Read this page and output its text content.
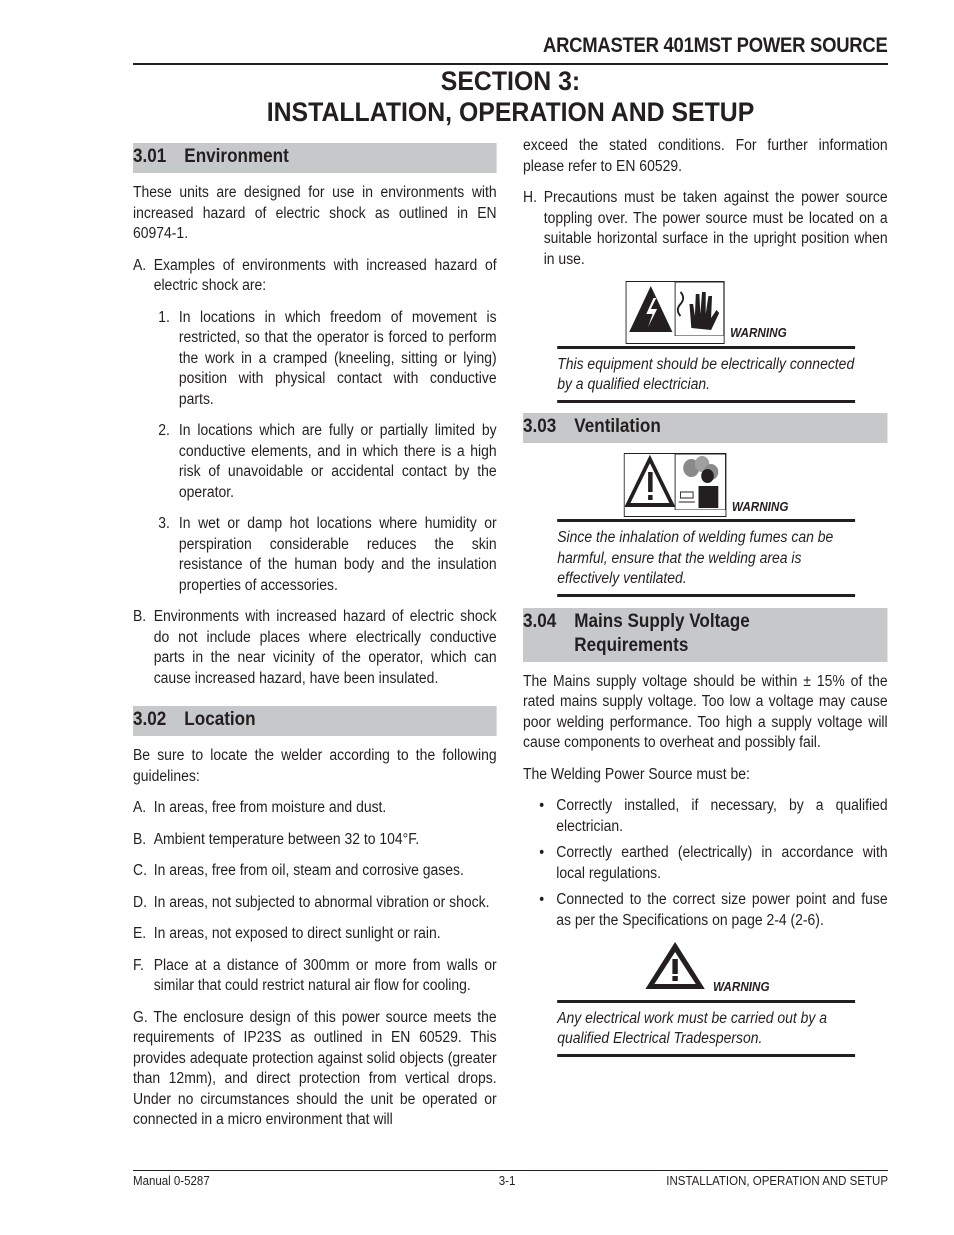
ARCMASTER 401MST POWER SOURCE
SECTION 3:
INSTALLATION, OPERATION AND SETUP
3.01 Environment

These units are designed for use in environments with increased hazard of electric shock as outlined in EN 60974-1.

A. Examples of environments with increased hazard of electric shock are:
1. In locations in which freedom of movement is restricted, so that the operator is forced to perform the work in a cramped (kneeling, sitting or lying) position with physical contact with conductive parts.
2. In locations which are fully or partially limited by conductive elements, and in which there is a high risk of unavoidable or accidental contact by the operator.
3. In wet or damp hot locations where humidity or perspiration considerable reduces the skin resistance of the human body and the insulation properties of accessories.
B. Environments with increased hazard of electric shock do not include places where electrically conductive parts in the near vicinity of the operator, which can cause increased hazard, have been insulated.
3.02 Location

Be sure to locate the welder according to the following guidelines:

A. In areas, free from moisture and dust.
B. Ambient temperature between 32 to 104°F.
C. In areas, free from oil, steam and corrosive gases.
D. In areas, not subjected to abnormal vibration or shock.
E. In areas, not exposed to direct sunlight or rain.
F. Place at a distance of 300mm or more from walls or similar that could restrict natural air flow for cooling.

G. The enclosure design of this power source meets the requirements of IP23S as outlined in EN 60529. This provides adequate protection against solid objects (greater than 12mm), and direct protection from vertical drops. Under no circumstances should the unit be operated or connected in a micro environment that will

exceed the stated conditions. For further information please refer to EN 60529.

H. Precautions must be taken against the power source toppling over. The power source must be located on a suitable horizontal surface in the upright position when in use.
WARNING
This equipment should be electrically connected by a qualified electrician.
3.03 Ventilation
WARNING
Since the inhalation of welding fumes can be harmful, ensure that the welding area is effectively ventilated.
3.04 Mains Supply Voltage
Requirements

The Mains supply voltage should be within ± 15% of the rated mains supply voltage. Too low a voltage may cause poor welding performance. Too high a supply voltage will cause components to overheat and possibly fail.

The Welding Power Source must be:

• Correctly installed, if necessary, by a qualified electrician.
• Correctly earthed (electrically) in accordance with local regulations.
• Connected to the correct size power point and fuse as per the Specifications on page 2-4 (2-6).
WARNING
Any electrical work must be carried out by a qualified Electrical Tradesperson.
Manual 0-5287	3-1	INSTALLATION, OPERATION AND SETUP
